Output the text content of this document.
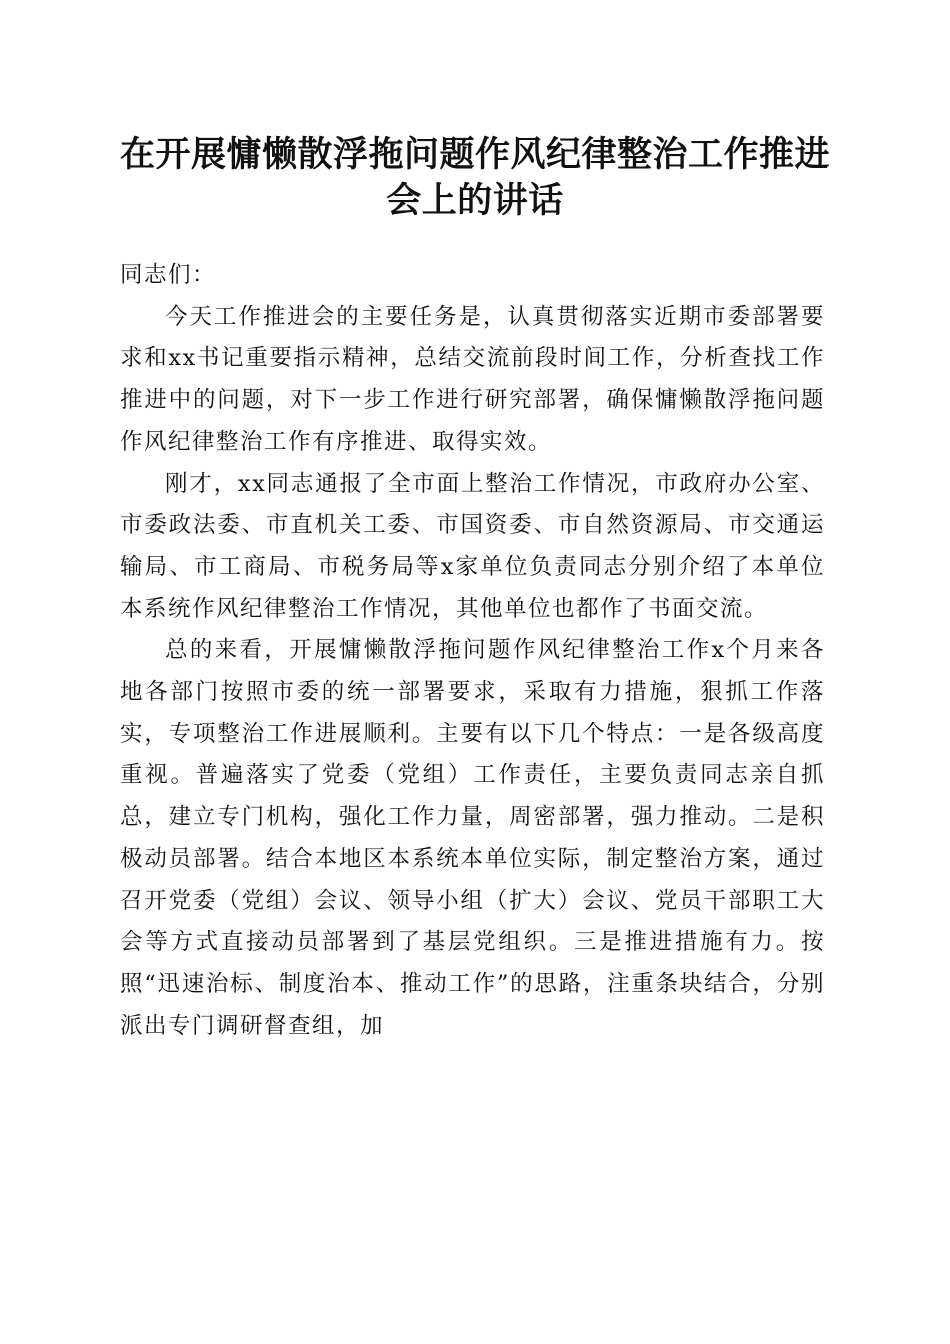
在开展慵懒散浮拖问题作风纪律整治工作推进会上的讲话

同志们：

今天工作推进会的主要任务是，认真贯彻落实近期市委部署要求和xx书记重要指示精神，总结交流前段时间工作，分析查找工作推进中的问题，对下一步工作进行研究部署，确保慵懒散浮拖问题作风纪律整治工作有序推进、取得实效。

刚才，xx同志通报了全市面上整治工作情况，市政府办公室、市委政法委、市直机关工委、市国资委、市自然资源局、市交通运输局、市工商局、市税务局等x家单位负责同志分别介绍了本单位本系统作风纪律整治工作情况，其他单位也都作了书面交流。

总的来看，开展慵懒散浮拖问题作风纪律整治工作x个月来各地各部门按照市委的统一部署要求，采取有力措施，狠抓工作落实，专项整治工作进展顺利。主要有以下几个特点：一是各级高度重视。普遍落实了党委（党组）工作责任，主要负责同志亲自抓总，建立专门机构，强化工作力量，周密部署，强力推动。二是积极动员部署。结合本地区本系统本单位实际，制定整治方案，通过召开党委（党组）会议、领导小组（扩大）会议、党员干部职工大会等方式直接动员部署到了基层党组织。三是推进措施有力。按照“迅速治标、制度治本、推动工作”的思路，注重条块结合，分别派出专门调研督查组，加
